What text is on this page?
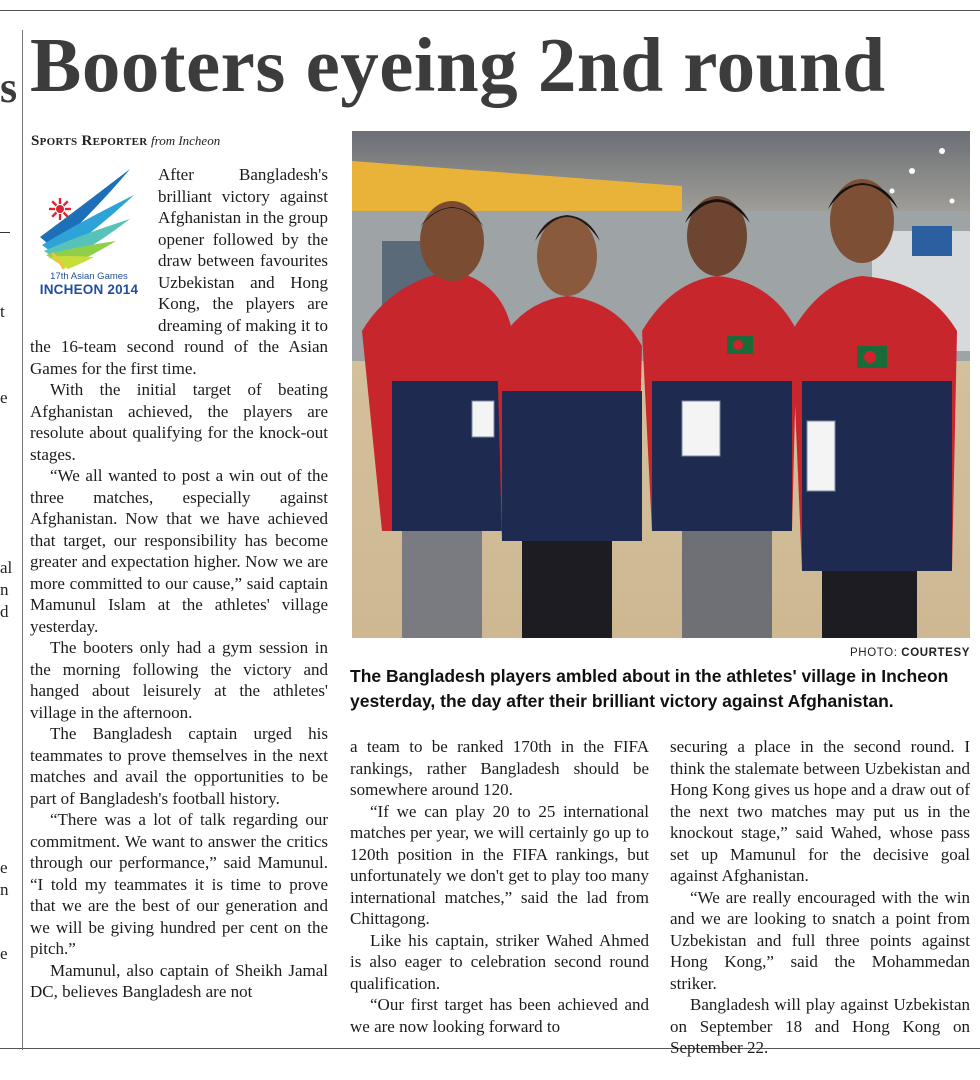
s
t
e
al
n
d
e
n
e
Booters eyeing 2nd round
Sports Reporter from Incheon
17th Asian Games
INCHEON 2014

After Bangladesh's brilliant victory against Afghanistan in the group opener followed by the draw between favourites Uzbekistan and Hong Kong, the players are dreaming of making it to the 16-team second round of the Asian Games for the first time.

With the initial target of beating Afghanistan achieved, the players are resolute about qualifying for the knock-out stages.

“We all wanted to post a win out of the three matches, especially against Afghanistan. Now that we have achieved that target, our responsibility has become greater and expectation higher. Now we are more committed to our cause,” said captain Mamunul Islam at the athletes' village yesterday.

The booters only had a gym session in the morning following the victory and hanged about leisurely at the athletes' village in the afternoon.

The Bangladesh captain urged his teammates to prove themselves in the next matches and avail the opportunities to be part of Bangladesh's football history.

“There was a lot of talk regarding our commitment. We want to answer the critics through our performance,” said Mamunul. “I told my teammates it is time to prove that we are the best of our generation and we will be giving hundred per cent on the pitch.”

Mamunul, also captain of Sheikh Jamal DC, believes Bangladesh are not

PHOTO: COURTESY
The Bangladesh players ambled about in the athletes' village in Incheon yesterday, the day after their brilliant victory against Afghanistan.

a team to be ranked 170th in the FIFA rankings, rather Bangladesh should be somewhere around 120.

“If we can play 20 to 25 international matches per year, we will certainly go up to 120th position in the FIFA rankings, but unfortunately we don't get to play too many international matches,” said the lad from Chittagong.

Like his captain, striker Wahed Ahmed is also eager to celebration second round qualification.

“Our first target has been achieved and we are now looking forward to

securing a place in the second round. I think the stalemate between Uzbekistan and Hong Kong gives us hope and a draw out of the next two matches may put us in the knockout stage,” said Wahed, whose pass set up Mamunul for the decisive goal against Afghanistan.

“We are really encouraged with the win and we are looking to snatch a point from Uzbekistan and full three points against Hong Kong,” said the Mohammedan striker.

Bangladesh will play against Uzbekistan on September 18 and Hong Kong on September 22.
